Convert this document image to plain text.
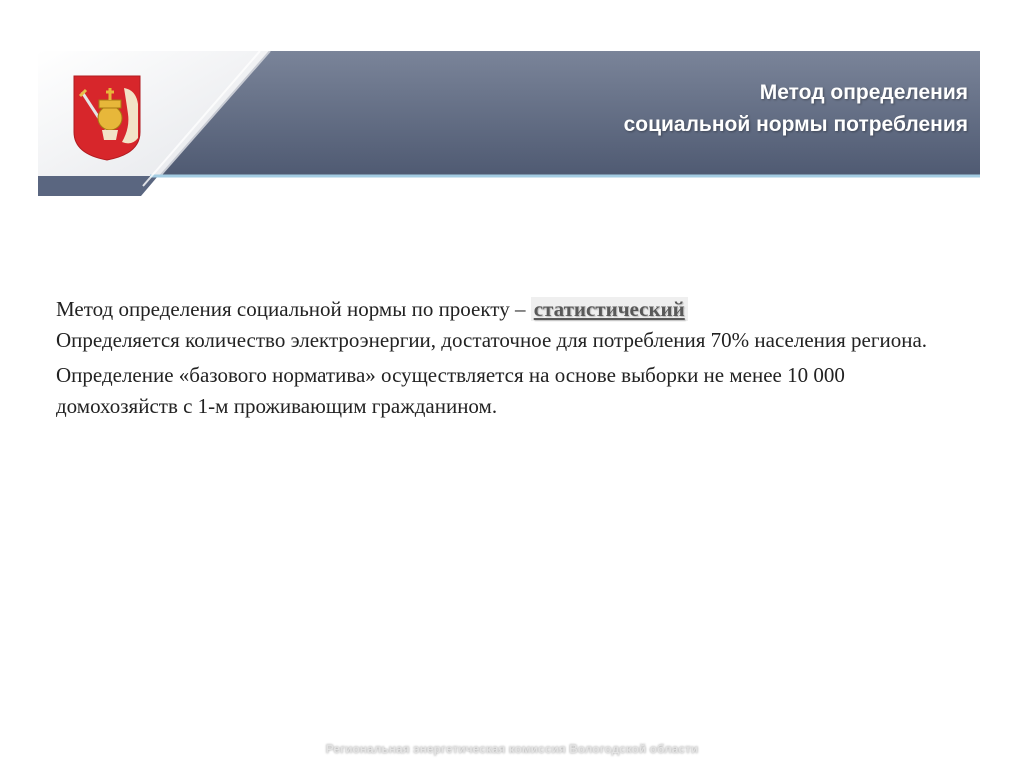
Метод определения
социальной нормы потребления

Метод определения социальной нормы по проекту – статистический
Определяется количество электроэнергии, достаточное для потребления 70% населения региона.

Определение «базового норматива» осуществляется на основе выборки не менее 10 000 домохозяйств с 1-м проживающим гражданином.

Региональная энергетическая комиссия Вологодской области
